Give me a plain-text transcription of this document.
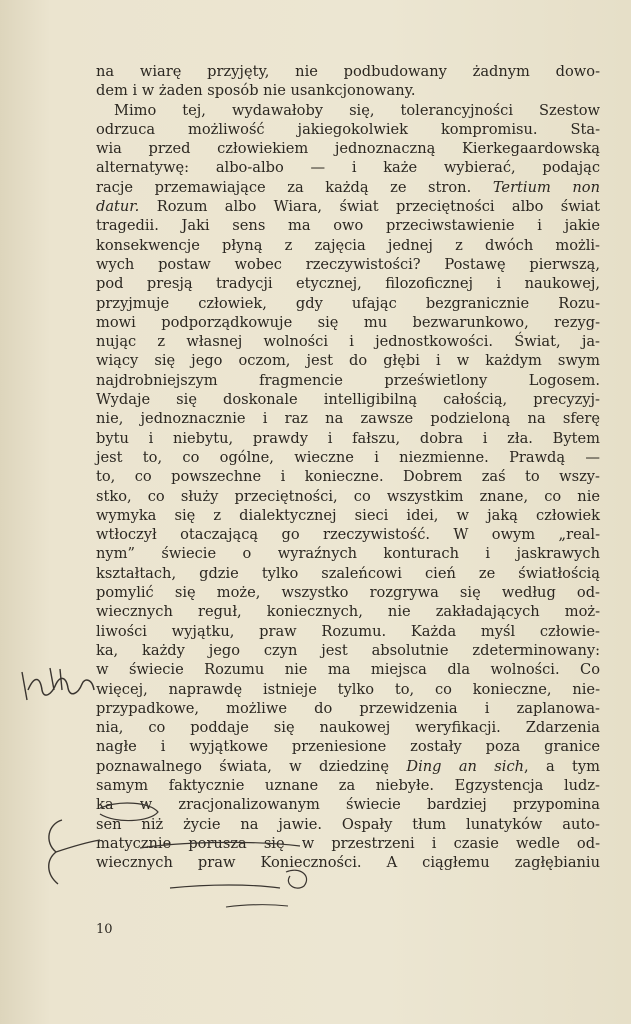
na wiarę przyjęty, nie podbudowany żadnym dowo-
dem i w żaden sposób nie usankcjonowany.
Mimo tej, wydawałoby się, tolerancyjności Szestow
odrzuca możliwość jakiegokolwiek kompromisu. Sta-
wia przed człowiekiem jednoznaczną Kierkegaardowską
alternatywę: albo-albo — i każe wybierać, podając
racje przemawiające za każdą ze stron. Tertium non
datur. Rozum albo Wiara, świat przeciętności albo świat
tragedii. Jaki sens ma owo przeciwstawienie i jakie
konsekwencje płyną z zajęcia jednej z dwóch możli-
wych postaw wobec rzeczywistości? Postawę pierwszą,
pod presją tradycji etycznej, filozoficznej i naukowej,
przyjmuje człowiek, gdy ufając bezgranicznie Rozu-
mowi podporządkowuje się mu bezwarunkowo, rezyg-
nując z własnej wolności i jednostkowości. Świat, ja-
wiący się jego oczom, jest do głębi i w każdym swym
najdrobniejszym fragmencie prześwietlony Logosem.
Wydaje się doskonale intelligibilną całością, precyzyj-
nie, jednoznacznie i raz na zawsze podzieloną na sferę
bytu i niebytu, prawdy i fałszu, dobra i zła. Bytem
jest to, co ogólne, wieczne i niezmienne. Prawdą —
to, co powszechne i konieczne. Dobrem zaś to wszy-
stko, co służy przeciętności, co wszystkim znane, co nie
wymyka się z dialektycznej sieci idei, w jaką człowiek
wtłoczył otaczającą go rzeczywistość. W owym „real-
nym” świecie o wyraźnych konturach i jaskrawych
kształtach, gdzie tylko szaleńcowi cień ze światłością
pomylić się może, wszystko rozgrywa się według od-
wiecznych reguł, koniecznych, nie zakładających moż-
liwości wyjątku, praw Rozumu. Każda myśl człowie-
ka, każdy jego czyn jest absolutnie zdeterminowany:
w świecie Rozumu nie ma miejsca dla wolności. Co
więcej, naprawdę istnieje tylko to, co konieczne, nie-
przypadkowe, możliwe do przewidzenia i zaplanowa-
nia, co poddaje się naukowej weryfikacji. Zdarzenia
nagłe i wyjątkowe przeniesione zostały poza granice
poznawalnego świata, w dziedzinę Ding an sich, a tym
samym faktycznie uznane za niebyłe. Egzystencja ludz-
ka w zracjonalizowanym świecie bardziej przypomina
sen niż życie na jawie. Ospały tłum lunatyków auto-
matycznie porusza się w przestrzeni i czasie wedle od-
wiecznych praw Konieczności. A ciągłemu zagłębianiu
10
